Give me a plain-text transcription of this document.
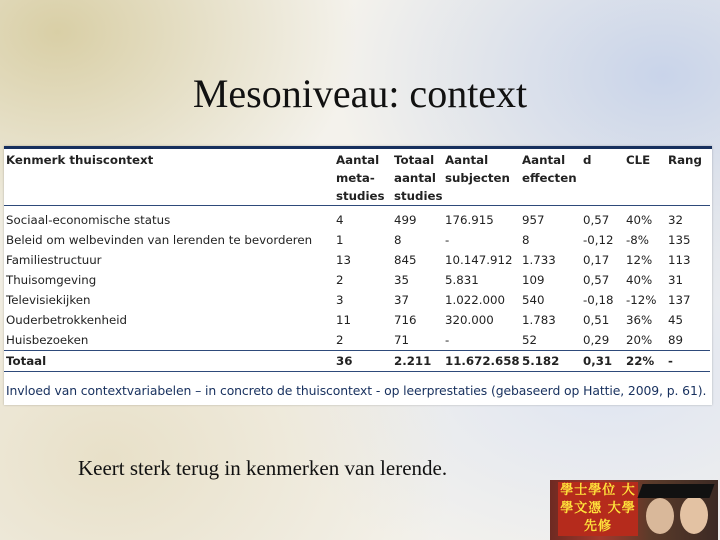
Mesoniveau: context
Kenmerk thuiscontext	Aantal
meta-
studies	Totaal
aantal
studies	Aantal
subjecten	Aantal
effecten	d	CLE	Rang
Sociaal-economische status	4	499	176.915	957	0,57	40%	32
Beleid om welbevinden van lerenden te bevorderen	1	8	-	8	-0,12	-8%	135
Familiestructuur	13	845	10.147.912	1.733	0,17	12%	113
Thuisomgeving	2	35	5.831	109	0,57	40%	31
Televisiekijken	3	37	1.022.000	540	-0,18	-12%	137
Ouderbetrokkenheid	11	716	320.000	1.783	0,51	36%	45
Huisbezoeken	2	71	-	52	0,29	20%	89
Totaal	36	2.211	11.672.658	5.182	0,31	22%	-
Invloed van contextvariabelen – in concreto de thuiscontext - op leerprestaties (gebaseerd op Hattie, 2009, p. 61).
Keert sterk terug in kenmerken van lerende.
學士學位 大學文憑 大學先修
